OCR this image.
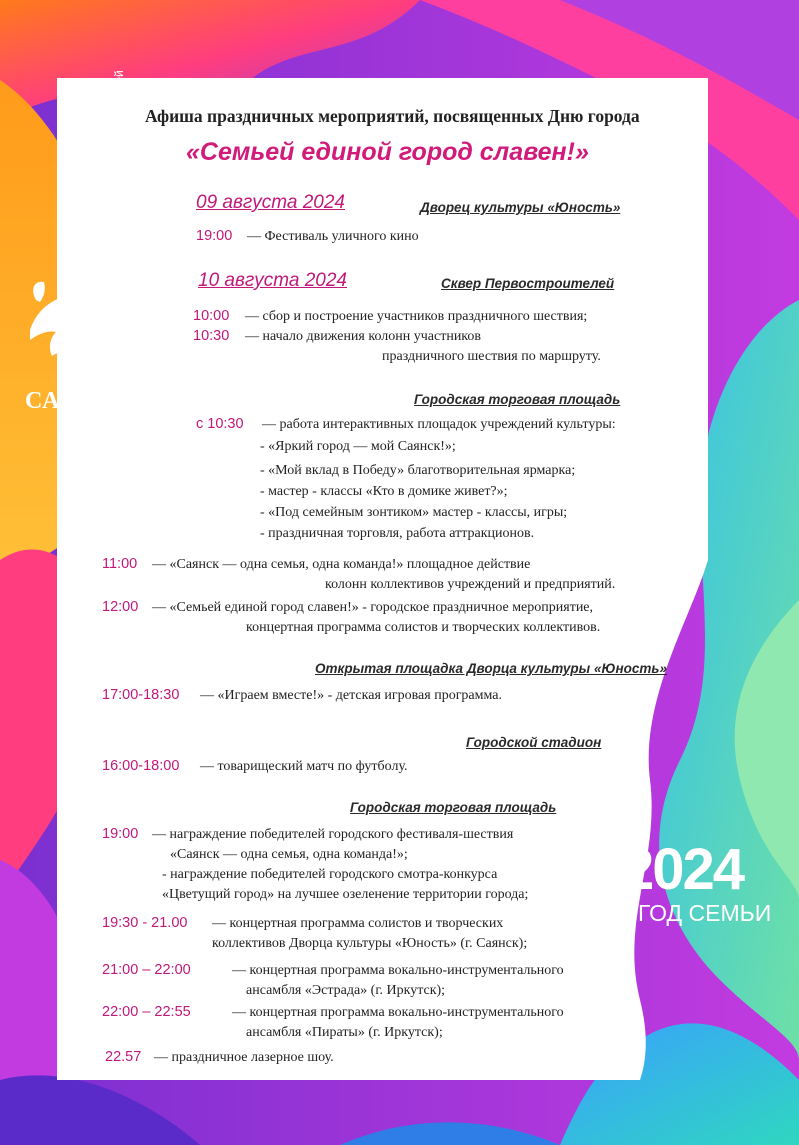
#вместе семьей
САЯНСК
2024
ГОД СЕМЬИ
Афиша праздничных мероприятий, посвященных Дню города
«Семьей единой город славен!»
09 августа 2024	Дворец культуры «Юность»
19:00 — Фестиваль уличного кино
10 августа 2024	Сквер Первостроителей
10:00 — сбор и построение участников праздничного шествия;
10:30 — начало движения колонн участников
праздничного шествия по маршруту.
Городская торговая площадь
с 10:30 — работа интерактивных площадок учреждений культуры:
- «Яркий город — мой Саянск!»;
- «Мой вклад в Победу» благотворительная ярмарка;
- мастер - классы «Кто в домике живет?»;
- «Под семейным зонтиком» мастер - классы, игры;
- праздничная торговля, работа аттракционов.
11:00 — «Саянск — одна семья, одна команда!» площадное действие
колонн коллективов учреждений и предприятий.
12:00 — «Семьей единой город славен!» - городское праздничное мероприятие,
концертная программа солистов и творческих коллективов.
Открытая площадка Дворца культуры «Юность»
17:00-18:30 — «Играем вместе!» - детская игровая программа.
Городской стадион
16:00-18:00 — товарищеский матч по футболу.
Городская торговая площадь
19:00 — награждение победителей городского фестиваля-шествия
«Саянск — одна семья, одна команда!»;
- награждение победителей городского смотра-конкурса
«Цветущий город» на лучшее озеленение территории города;
19:30 - 21.00 — концертная программа солистов и творческих
коллективов Дворца культуры «Юность» (г. Саянск);
21:00 – 22:00	— концертная программа вокально-инструментального
ансамбля «Эстрада» (г. Иркутск);
22:00 – 22:55	— концертная программа вокально-инструментального
ансамбля «Пираты» (г. Иркутск);
22.57 — праздничное лазерное шоу.
